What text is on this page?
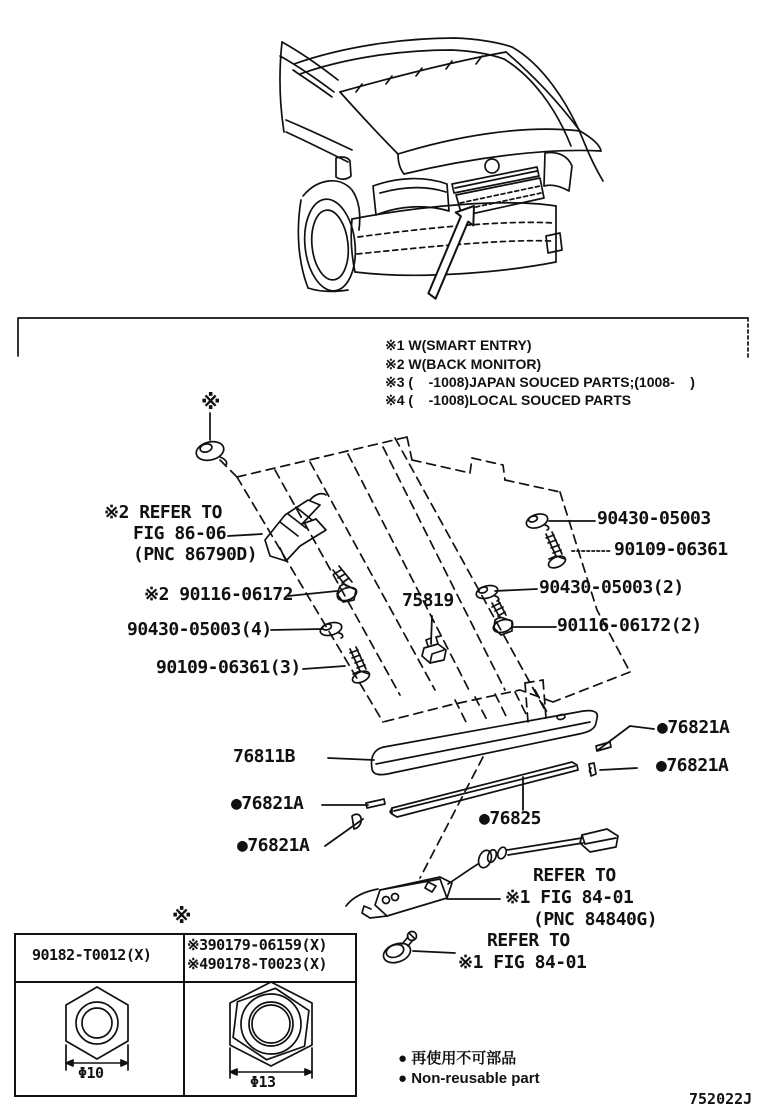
※1 W(SMART ENTRY)
※2 W(BACK MONITOR)
※3 (    -1008)JAPAN SOUCED PARTS;(1008-    )
※4 (    -1008)LOCAL SOUCED PARTS
※
※2 REFER TO
FIG 86-06
(PNC 86790D)
※2 90116-06172
90430-05003(4)
90109-06361(3)
75819
90430-05003
90109-06361
90430-05003(2)
90116-06172(2)
76811B
●76821A
●76821A
●76821A
●76821A
●76825
REFER TO
※1 FIG 84-01
(PNC 84840G)
REFER TO
※1 FIG 84-01
※
90182-T0012(X)
※390179-06159(X)
※490178-T0023(X)
Φ10	Φ13
● 再使用不可部品
● Non-reusable part
752022J
